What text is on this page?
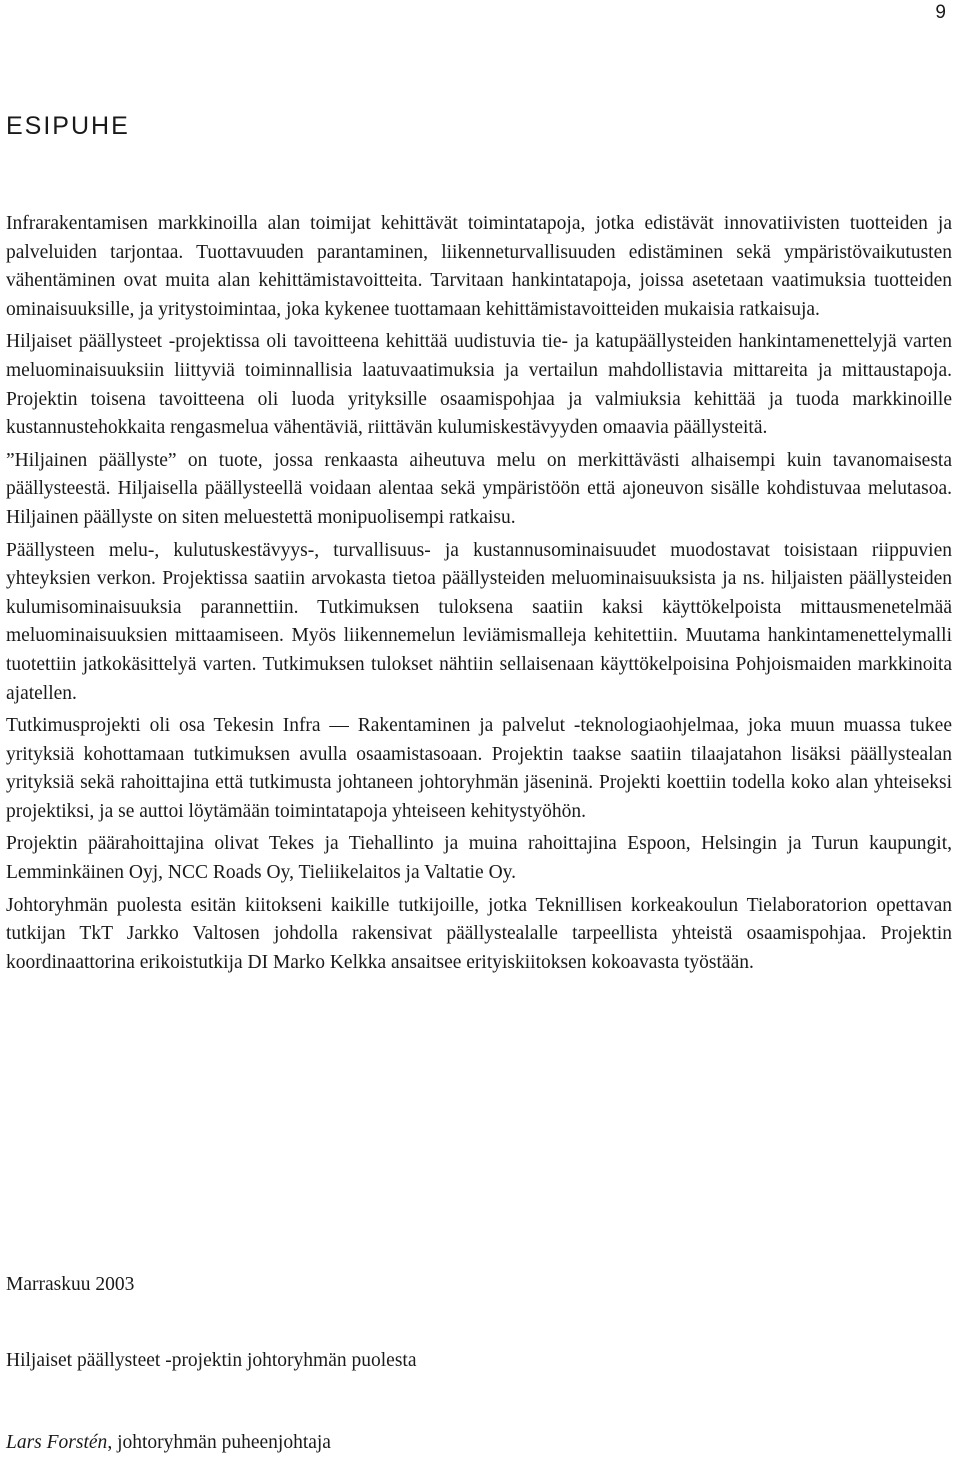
9
ESIPUHE

Infrarakentamisen markkinoilla alan toimijat kehittävät toimintatapoja, jotka edistävät innovatiivisten tuotteiden ja palveluiden tarjontaa. Tuottavuuden parantaminen, liikenneturvallisuuden edistäminen sekä ympäristövaikutusten vähentäminen ovat muita alan kehittämistavoitteita. Tarvitaan hankintatapoja, joissa asetetaan vaatimuksia tuotteiden ominaisuuksille, ja yritystoimintaa, joka kykenee tuottamaan kehittämistavoitteiden mukaisia ratkaisuja.

Hiljaiset päällysteet -projektissa oli tavoitteena kehittää uudistuvia tie- ja katupäällysteiden hankintamenettelyjä varten meluominaisuuksiin liittyviä toiminnallisia laatuvaatimuksia ja vertailun mahdollistavia mittareita ja mittaustapoja. Projektin toisena tavoitteena oli luoda yrityksille osaamispohjaa ja valmiuksia kehittää ja tuoda markkinoille kustannustehokkaita rengasmelua vähentäviä, riittävän kulumiskestävyyden omaavia päällysteitä.

”Hiljainen päällyste” on tuote, jossa renkaasta aiheutuva melu on merkittävästi alhaisempi kuin tavanomaisesta päällysteestä. Hiljaisella päällysteellä voidaan alentaa sekä ympäristöön että ajoneuvon sisälle kohdistuvaa melutasoa. Hiljainen päällyste on siten meluestettä monipuolisempi ratkaisu.

Päällysteen melu-, kulutuskestävyys-, turvallisuus- ja kustannusominaisuudet muodostavat toisistaan riippuvien yhteyksien verkon. Projektissa saatiin arvokasta tietoa päällysteiden meluominaisuuksista ja ns. hiljaisten päällysteiden kulumisominaisuuksia parannettiin. Tutkimuksen tuloksena saatiin kaksi käyttökelpoista mittausmenetelmää meluominaisuuksien mittaamiseen. Myös liikennemelun leviämismalleja kehitettiin. Muutama hankintamenettelymalli tuotettiin jatkokäsittelyä varten. Tutkimuksen tulokset nähtiin sellaisenaan käyttökelpoisina Pohjoismaiden markkinoita ajatellen.

Tutkimusprojekti oli osa Tekesin Infra — Rakentaminen ja palvelut -teknologiaohjelmaa, joka muun muassa tukee yrityksiä kohottamaan tutkimuksen avulla osaamistasoaan. Projektin taakse saatiin tilaajatahon lisäksi päällystealan yrityksiä sekä rahoittajina että tutkimusta johtaneen johtoryhmän jäseninä. Projekti koettiin todella koko alan yhteiseksi projektiksi, ja se auttoi löytämään toimintatapoja yhteiseen kehitystyöhön.

Projektin päärahoittajina olivat Tekes ja Tiehallinto ja muina rahoittajina Espoon, Helsingin ja Turun kaupungit, Lemminkäinen Oyj, NCC Roads Oy, Tieliikelaitos ja Valtatie Oy.

Johtoryhmän puolesta esitän kiitokseni kaikille tutkijoille, jotka Teknillisen korkeakoulun Tielaboratorion opettavan tutkijan TkT Jarkko Valtosen johdolla rakensivat päällystealalle tarpeellista yhteistä osaamispohjaa. Projektin koordinaattorina erikoistutkija DI Marko Kelkka ansaitsee erityiskiitoksen kokoavasta työstään.

Marraskuu 2003

Hiljaiset päällysteet -projektin johtoryhmän puolesta

Lars Forstén, johtoryhmän puheenjohtaja
